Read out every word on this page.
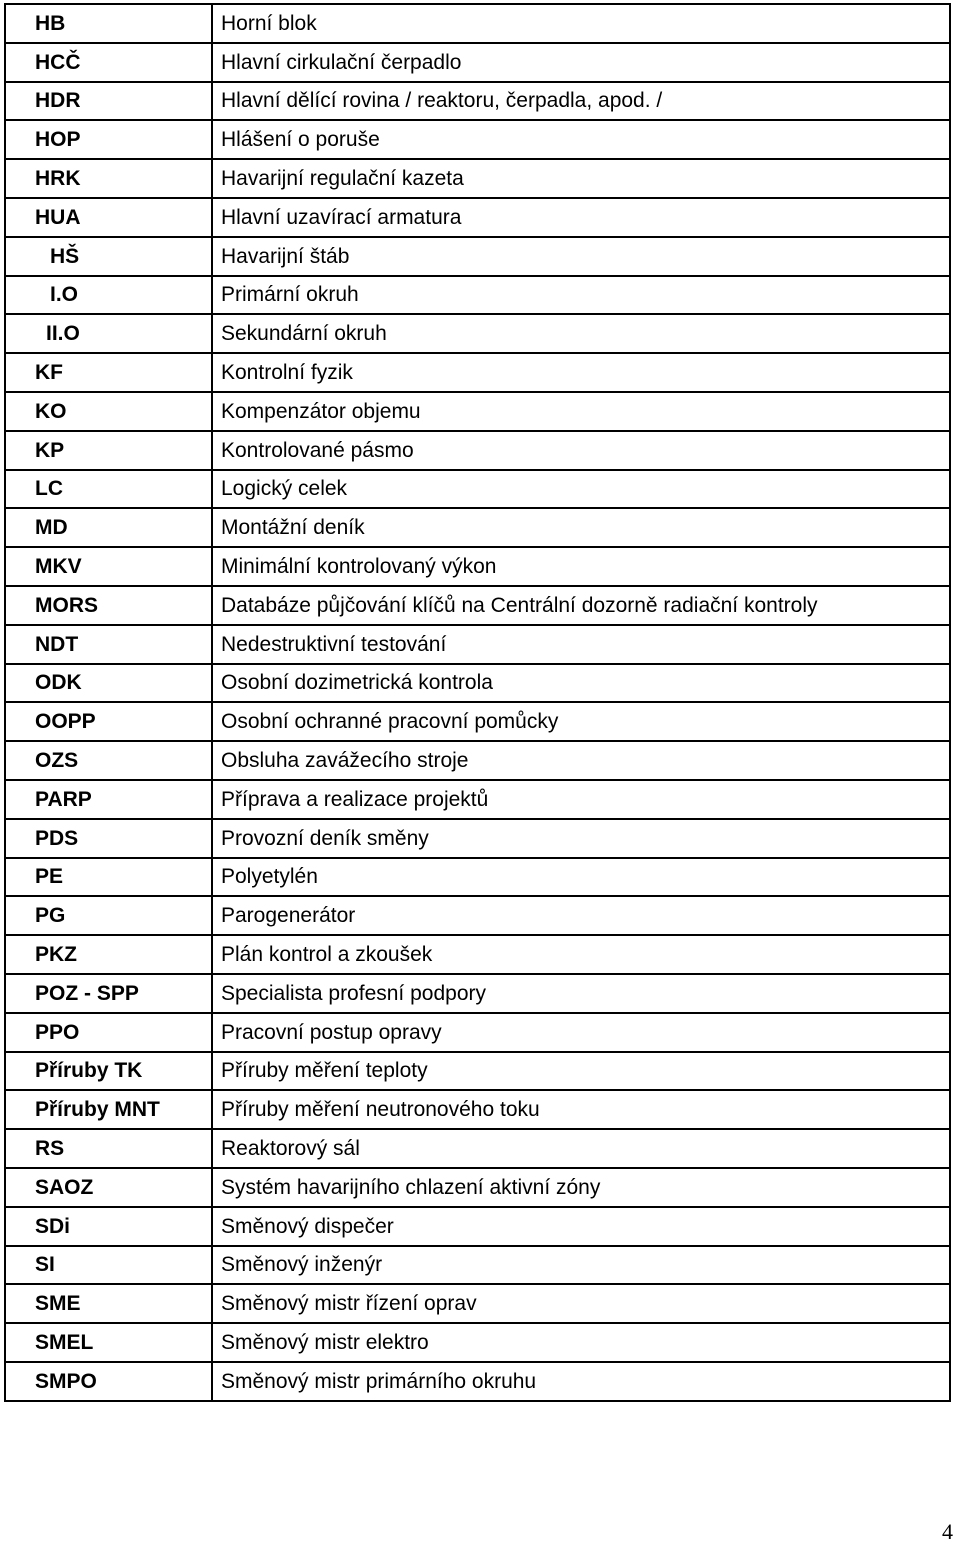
HB	Horní blok
HCČ	Hlavní cirkulační čerpadlo
HDR	Hlavní dělící rovina / reaktoru, čerpadla, apod. /
HOP	Hlášení o poruše
HRK	Havarijní regulační kazeta
HUA	Hlavní uzavírací armatura
HŠ	Havarijní štáb
I.O	Primární okruh
II.O	Sekundární okruh
KF	Kontrolní fyzik
KO	Kompenzátor objemu
KP	Kontrolované pásmo
LC	Logický celek
MD	Montážní deník
MKV	Minimální kontrolovaný výkon
MORS	Databáze půjčování klíčů na Centrální dozorně radiační kontroly
NDT	Nedestruktivní testování
ODK	Osobní dozimetrická kontrola
OOPP	Osobní ochranné pracovní pomůcky
OZS	Obsluha zavážecího stroje
PARP	Příprava a realizace projektů
PDS	Provozní deník směny
PE	Polyetylén
PG	Parogenerátor
PKZ	Plán kontrol a zkoušek
POZ - SPP	Specialista profesní podpory
PPO	Pracovní postup opravy
Příruby TK	Příruby měření teploty
Příruby MNT	Příruby měření neutronového toku
RS	Reaktorový sál
SAOZ	Systém havarijního chlazení aktivní zóny
SDi	Směnový dispečer
SI	Směnový inženýr
SME	Směnový mistr řízení oprav
SMEL	Směnový mistr elektro
SMPO	Směnový mistr primárního okruhu
4
